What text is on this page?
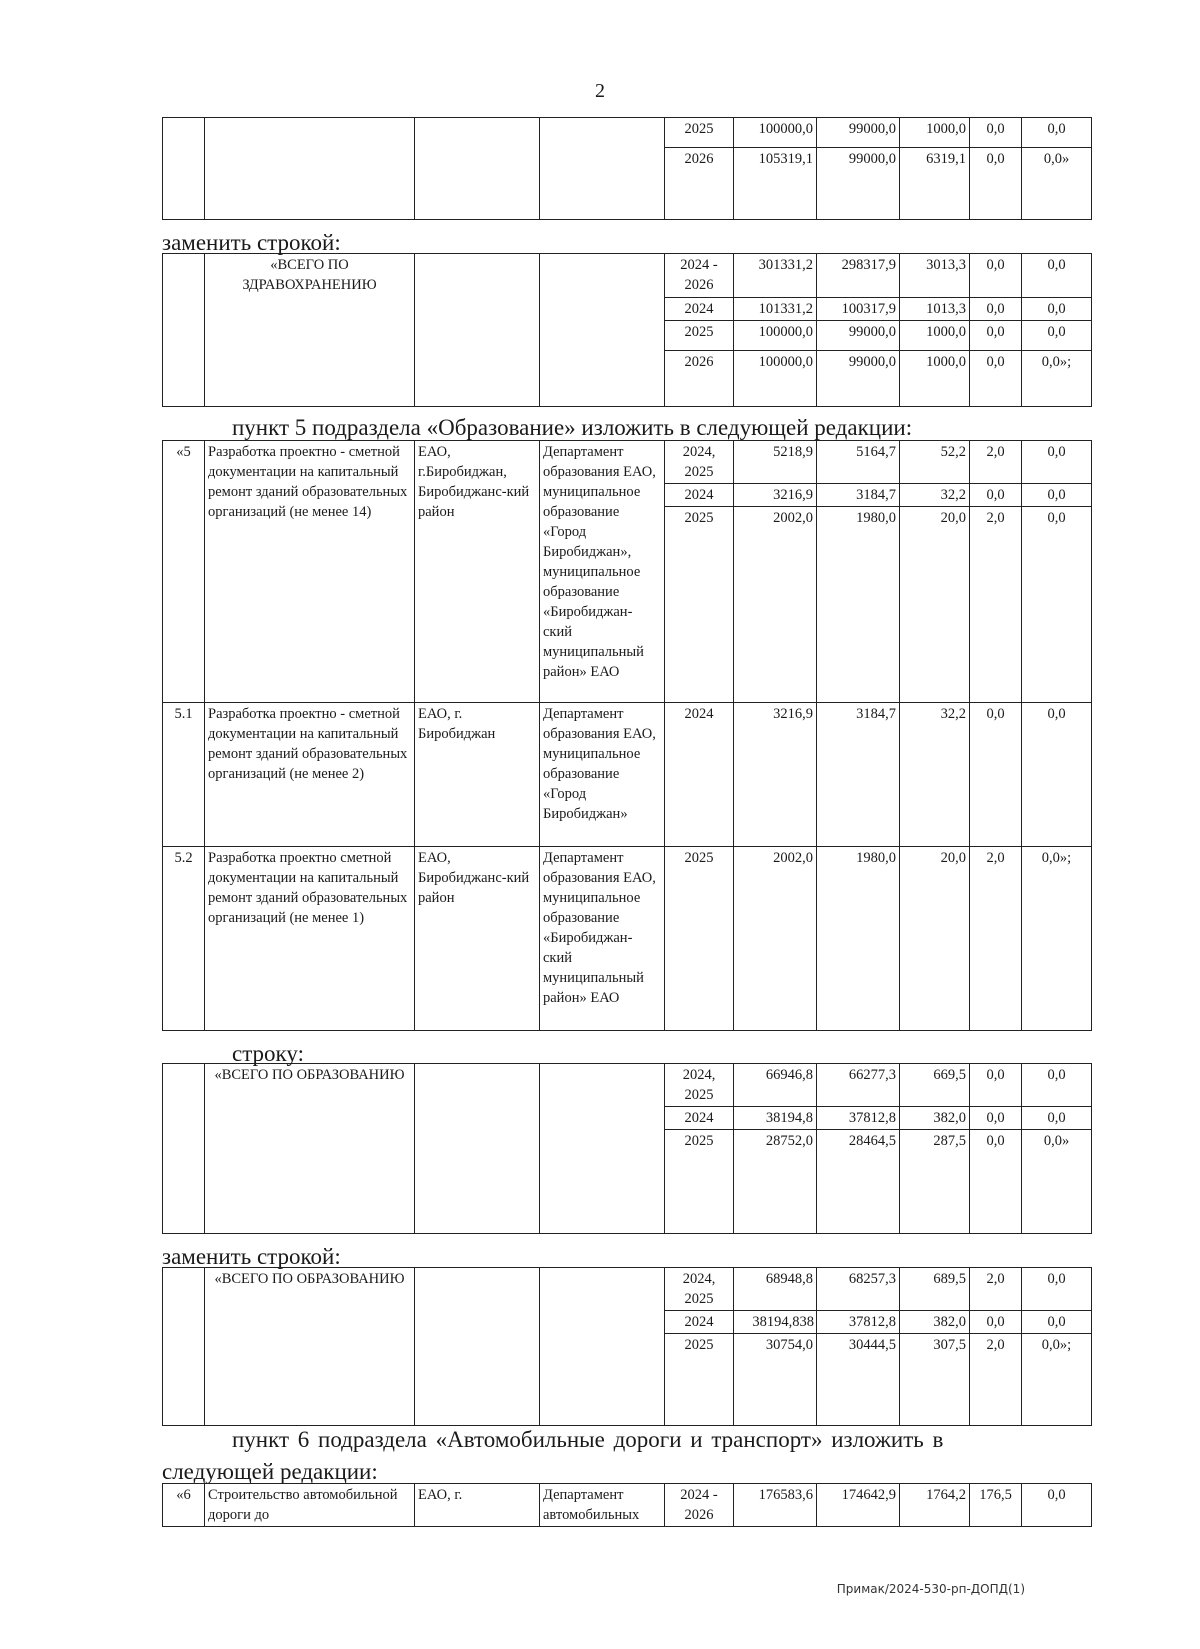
2
				2025	100000,0	99000,0	1000,0	0,0	0,0
				2026	105319,1	99000,0	6319,1	0,0	0,0»
заменить строкой:
	«ВСЕГО ПО ЗДРАВОХРАНЕНИЮ			2024 - 2026	301331,2	298317,9	3013,3	0,0	0,0
				2024	101331,2	100317,9	1013,3	0,0	0,0
				2025	100000,0	99000,0	1000,0	0,0	0,0
				2026	100000,0	99000,0	1000,0	0,0	0,0»;
пункт 5 подраздела «Образование» изложить в следующей редакции:
«5	Разработка проектно - сметной документации на капитальный ремонт зданий образовательных организаций (не менее 14)	ЕАО, г.Биробиджан, Биробиджанс-кий район	Департамент образования ЕАО, муниципальное образование «Город Биробиджан», муниципальное образование «Биробиджан-ский муниципальный район» ЕАО	2024, 2025	5218,9	5164,7	52,2	2,0	0,0
				2024	3216,9	3184,7	32,2	0,0	0,0
				2025	2002,0	1980,0	20,0	2,0	0,0
5.1	Разработка проектно - сметной документации на капитальный ремонт зданий образовательных организаций (не менее 2)	ЕАО, г. Биробиджан	Департамент образования ЕАО, муниципальное образование «Город Биробиджан»	2024	3216,9	3184,7	32,2	0,0	0,0
5.2	Разработка проектно сметной документации на капитальный ремонт зданий образовательных организаций (не менее 1)	ЕАО, Биробиджанс-кий район	Департамент образования ЕАО, муниципальное образование «Биробиджан-ский муниципальный район» ЕАО	2025	2002,0	1980,0	20,0	2,0	0,0»;
строку:
	«ВСЕГО ПО ОБРАЗОВАНИЮ			2024, 2025	66946,8	66277,3	669,5	0,0	0,0
				2024	38194,8	37812,8	382,0	0,0	0,0
				2025	28752,0	28464,5	287,5	0,0	0,0»
заменить строкой:
	«ВСЕГО ПО ОБРАЗОВАНИЮ			2024, 2025	68948,8	68257,3	689,5	2,0	0,0
				2024	38194,838	37812,8	382,0	0,0	0,0
				2025	30754,0	30444,5	307,5	2,0	0,0»;
пункт 6 подраздела «Автомобильные дороги и транспорт» изложить в
следующей редакции:
«6	Строительство автомобильной дороги до	ЕАО, г.	Департамент автомобильных	2024 - 2026	176583,6	174642,9	1764,2	176,5	0,0
Примак/2024-530-рп-ДОПД(1)
